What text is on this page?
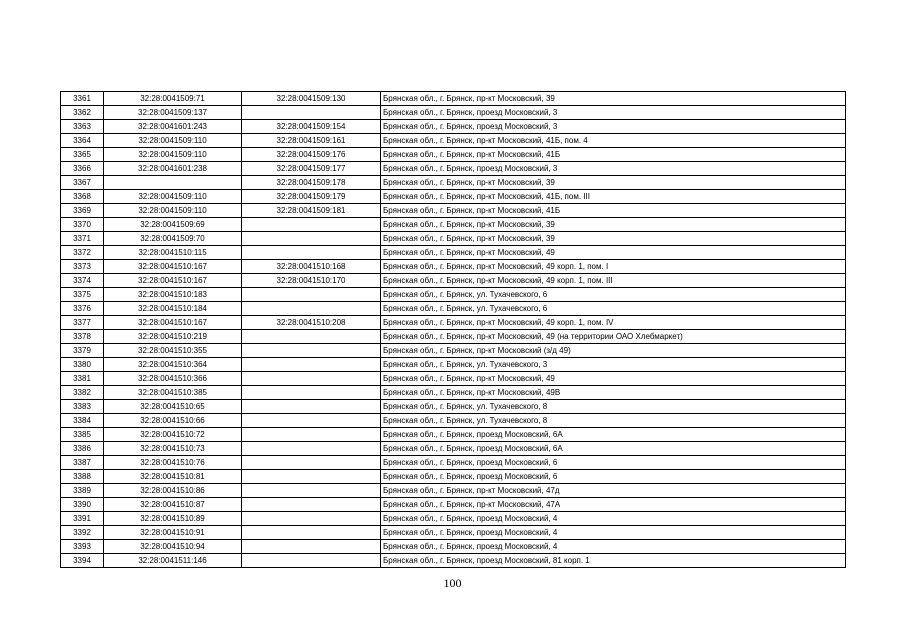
3361	32:28:0041509:71	32:28:0041509:130	Брянская обл., г. Брянск, пр-кт Московский, 39
3362	32:28:0041509:137		Брянская обл., г. Брянск, проезд Московский, 3
3363	32:28:0041601:243	32:28:0041509:154	Брянская обл., г. Брянск, проезд Московский, 3
3364	32:28:0041509:110	32:28:0041509:161	Брянская обл., г. Брянск, пр-кт Московский, 41Б, пом. 4
3365	32:28:0041509:110	32:28:0041509:176	Брянская обл., г. Брянск, пр-кт Московский, 41Б
3366	32:28:0041601:238	32:28:0041509:177	Брянская обл., г. Брянск, проезд Московский, 3
3367		32:28:0041509:178	Брянская обл., г. Брянск, пр-кт Московский, 39
3368	32:28:0041509:110	32:28:0041509:179	Брянская обл., г. Брянск, пр-кт Московский, 41Б, пом. III
3369	32:28:0041509:110	32:28:0041509:181	Брянская обл., г. Брянск, пр-кт Московский, 41Б
3370	32:28:0041509:69		Брянская обл., г. Брянск, пр-кт Московский, 39
3371	32:28:0041509:70		Брянская обл., г. Брянск, пр-кт Московский, 39
3372	32:28:0041510:115		Брянская обл., г. Брянск, пр-кт Московский, 49
3373	32:28:0041510:167	32:28:0041510:168	Брянская обл., г. Брянск, пр-кт Московский, 49 корп. 1, пом. I
3374	32:28:0041510:167	32:28:0041510:170	Брянская обл., г. Брянск, пр-кт Московский, 49 корп. 1, пом. III
3375	32:28:0041510:183		Брянская обл., г. Брянск, ул. Тухачевского, 6
3376	32:28:0041510:184		Брянская обл., г. Брянск, ул. Тухачевского, 6
3377	32:28:0041510:167	32:28:0041510:208	Брянская обл., г. Брянск, пр-кт Московский, 49 корп. 1, пом. IV
3378	32:28:0041510:219		Брянская обл., г. Брянск, пр-кт Московский, 49 (на территории ОАО Хлебмаркет)
3379	32:28:0041510:355		Брянская обл., г. Брянск, пр-кт Московский (з/д 49)
3380	32:28:0041510:364		Брянская обл., г. Брянск, ул. Тухачевского, 3
3381	32:28:0041510:366		Брянская обл., г. Брянск, пр-кт Московский, 49
3382	32:28:0041510:385		Брянская обл., г. Брянск, пр-кт Московский, 49В
3383	32:28:0041510:65		Брянская обл., г. Брянск, ул. Тухачевского, 8
3384	32:28:0041510:66		Брянская обл., г. Брянск, ул. Тухачевского, 8
3385	32:28:0041510:72		Брянская обл., г. Брянск, проезд Московский, 6А
3386	32:28:0041510:73		Брянская обл., г. Брянск, проезд Московский, 6А
3387	32:28:0041510:76		Брянская обл., г. Брянск, проезд Московский, 6
3388	32:28:0041510:81		Брянская обл., г. Брянск, проезд Московский, 6
3389	32:28:0041510:86		Брянская обл., г. Брянск, пр-кт Московский, 47д
3390	32:28:0041510:87		Брянская обл., г. Брянск, пр-кт Московский, 47А
3391	32:28:0041510:89		Брянская обл., г. Брянск, проезд Московский, 4
3392	32:28:0041510:91		Брянская обл., г. Брянск, проезд Московский, 4
3393	32:28:0041510:94		Брянская обл., г. Брянск, проезд Московский, 4
3394	32:28:0041511:146		Брянская обл., г. Брянск, проезд Московский, 81 корп. 1
100
